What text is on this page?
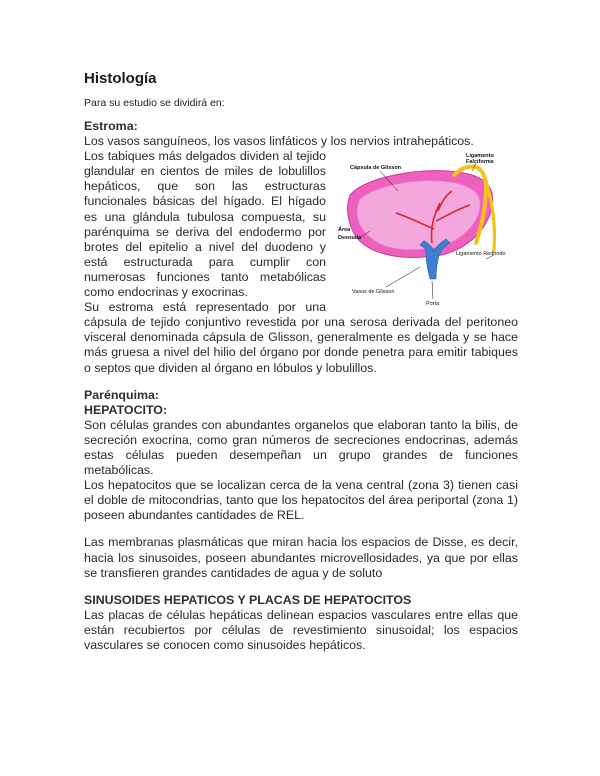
Histología

Para su estudio se dividirá en:

Estroma:

Los vasos sanguíneos, los vasos linfáticos y los nervios intrahepáticos.

Cápsula de Glisson
Ligamento
Falciforme
Área
Desnuda
Ligamento Redondo
Vasos de Glisson
Porta

Los tabiques más delgados dividen al tejido glandular en cientos de miles de lobulillos hepáticos, que son las estructuras funcionales básicas del hígado. El hígado es una glándula tubulosa compuesta, su parénquima se deriva del endodermo por brotes del epitelio a nivel del duodeno y está estructurada para cumplir con numerosas funciones tanto metabólicas como endocrinas y exocrinas.

Su estroma está representado por una cápsula de tejido conjuntivo revestida por una serosa derivada del peritoneo visceral denominada cápsula de Glisson, generalmente es delgada y se hace más gruesa a nivel del hilio del órgano por donde penetra para emitir tabiques o septos que dividen al órgano en lóbulos y lobulillos.

Parénquima:

HEPATOCITO:

Son células grandes con abundantes organelos que elaboran tanto la bilis, de secreción exocrina, como gran números de secreciones endocrinas, además estas células pueden desempeñan un grupo grandes de funciones metabólicas.

Los hepatocitos que se localizan cerca de la vena central (zona 3) tienen casi el doble de mitocondrias, tanto que los hepatocitos del área periportal (zona 1) poseen abundantes cantidades de REL.

Las membranas plasmáticas que miran hacia los espacios de Disse, es decir, hacia los sinusoides, poseen abundantes microvellosidades, ya que por ellas se transfieren grandes cantidades de agua y de soluto

SINUSOIDES HEPATICOS Y PLACAS DE HEPATOCITOS

Las placas de células hepáticas delinean espacios vasculares entre ellas que están recubiertos por células de revestimiento sinusoidal; los espacios vasculares se conocen como sinusoides hepáticos.
